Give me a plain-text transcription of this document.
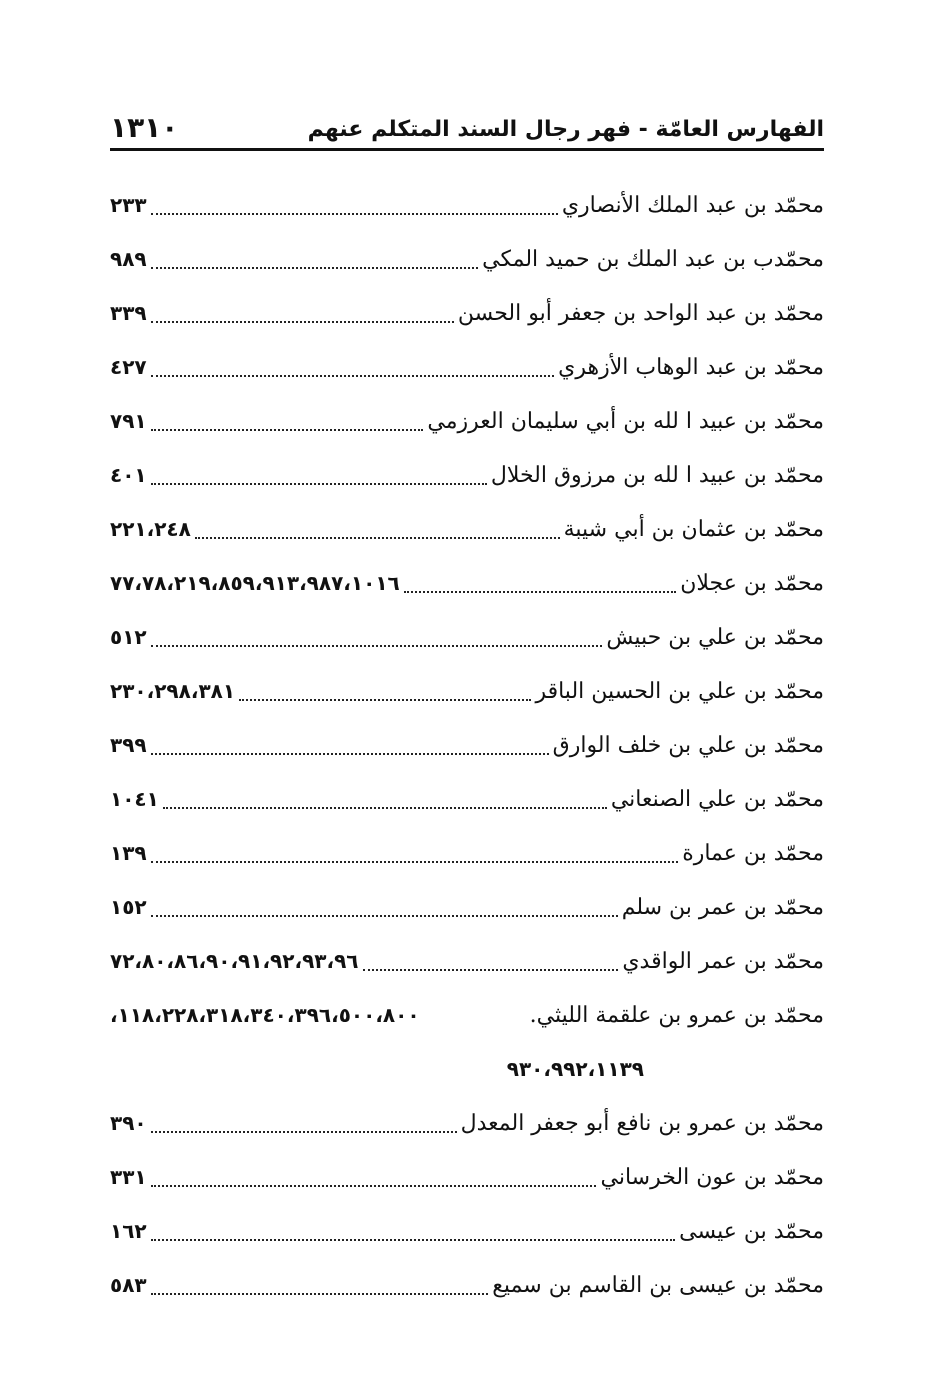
١٣١٠	الفهارس العامّة - فهر رجال السند المتكلم عنهم
محمّد بن عبد الملك الأنصاري
٢٣٣
محمّدب بن عبد الملك بن حميد المكي
٩٨٩
محمّد بن عبد الواحد بن جعفر أبو الحسن
٣٣٩
محمّد بن عبد الوهاب الأزهري
٤٢٧
محمّد بن عبيد ا لله بن أبي سليمان العرزمي
٧٩١
محمّد بن عبيد ا لله بن مرزوق الخلال
٤٠١
محمّد بن عثمان بن أبي شيبة
٢٢١،٢٤٨
محمّد بن عجلان
٧٧،٧٨،٢١٩،٨٥٩،٩١٣،٩٨٧،١٠١٦
محمّد بن علي بن حبيش
٥١٢
محمّد بن علي بن الحسين الباقر
٢٣٠،٢٩٨،٣٨١
محمّد بن علي بن خلف الوارق
٣٩٩
محمّد بن علي الصنعاني
١٠٤١
محمّد بن عمارة
١٣٩
محمّد بن عمر بن سلم
١٥٢
محمّد بن عمر الواقدي
٧٢،٨٠،٨٦،٩٠،٩١،٩٢،٩٣،٩٦
محمّد بن عمرو بن علقمة الليثي.
١١٨،٢٢٨،٣١٨،٣٤٠،٣٩٦،٥٠٠،٨٠٠،
٩٣٠،٩٩٢،١١٣٩
محمّد بن عمرو بن نافع أبو جعفر المعدل
٣٩٠
محمّد بن عون الخرساني
٣٣١
محمّد بن عيسى
١٦٢
محمّد بن عيسى بن القاسم بن سميع
٥٨٣
